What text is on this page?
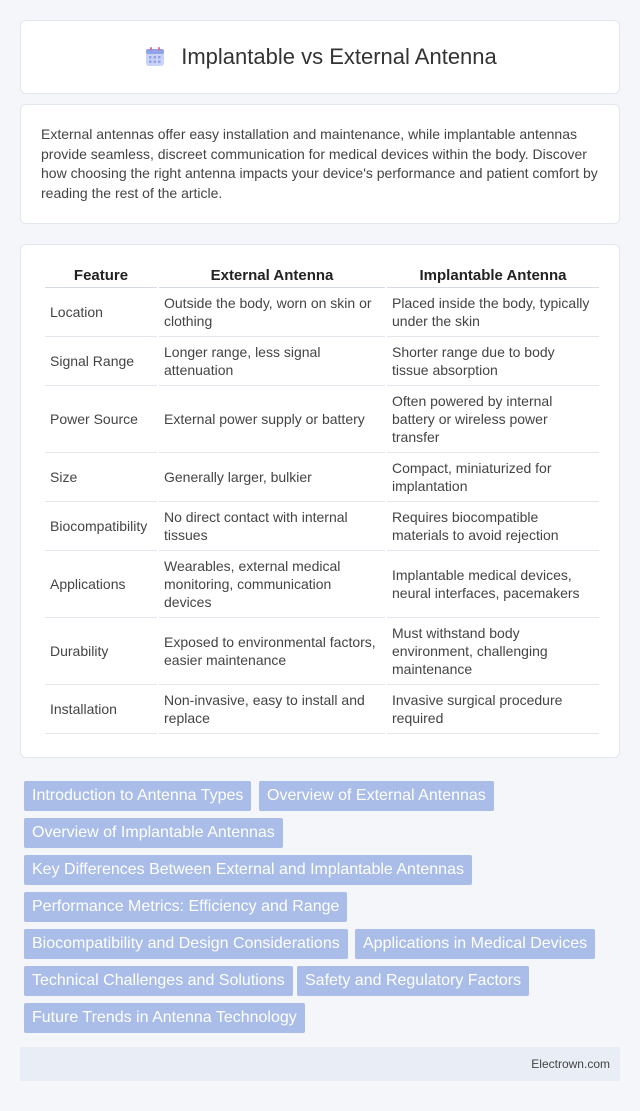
Implantable vs External Antenna
External antennas offer easy installation and maintenance, while implantable antennas provide seamless, discreet communication for medical devices within the body. Discover how choosing the right antenna impacts your device's performance and patient comfort by reading the rest of the article.
Feature	External Antenna	Implantable Antenna
Location	Outside the body, worn on skin or clothing	Placed inside the body, typically under the skin
Signal Range	Longer range, less signal attenuation	Shorter range due to body tissue absorption
Power Source	External power supply or battery	Often powered by internal battery or wireless power transfer
Size	Generally larger, bulkier	Compact, miniaturized for implantation
Biocompatibility	No direct contact with internal tissues	Requires biocompatible materials to avoid rejection
Applications	Wearables, external medical monitoring, communication devices	Implantable medical devices, neural interfaces, pacemakers
Durability	Exposed to environmental factors, easier maintenance	Must withstand body environment, challenging maintenance
Installation	Non-invasive, easy to install and replace	Invasive surgical procedure required
Introduction to Antenna Types	Overview of External Antennas
Overview of Implantable Antennas
Key Differences Between External and Implantable Antennas
Performance Metrics: Efficiency and Range
Biocompatibility and Design Considerations	Applications in Medical Devices
Technical Challenges and Solutions	Safety and Regulatory Factors
Future Trends in Antenna Technology
Electrown.com
